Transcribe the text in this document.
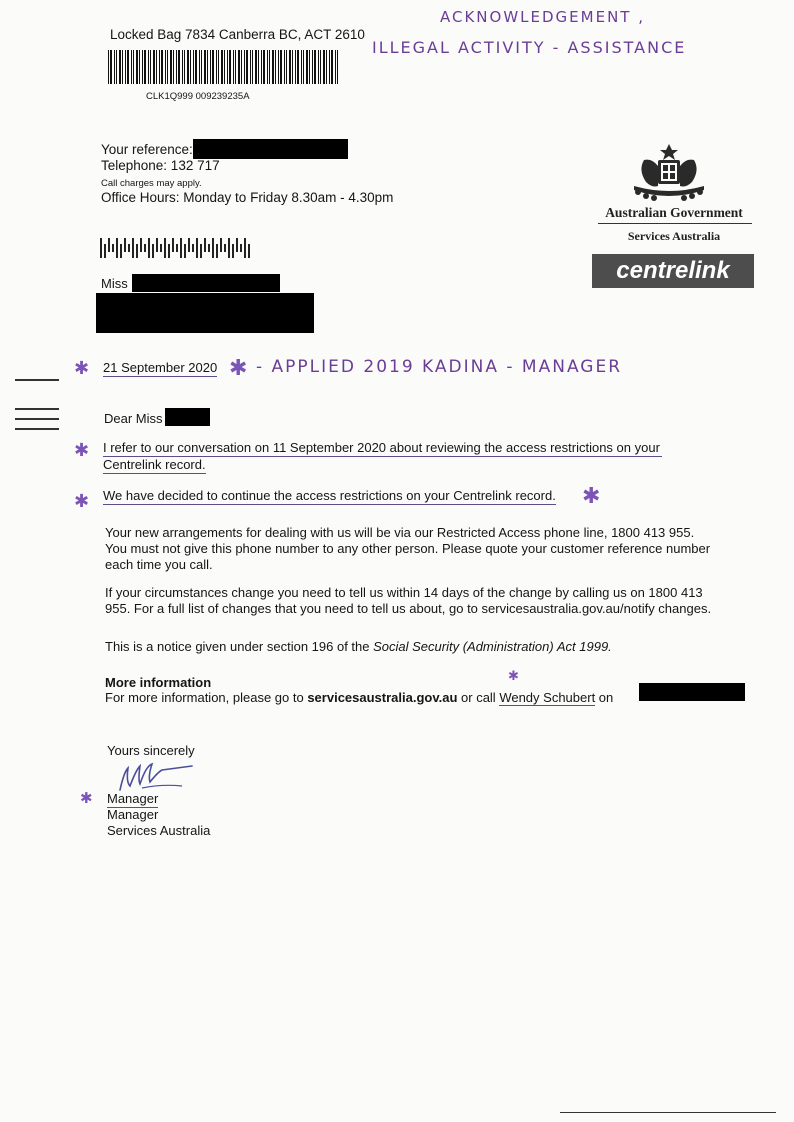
Locked Bag 7834 Canberra BC, ACT 2610
CLK1Q999 009239235A
ACKNOWLEDGEMENT ,
ILLEGAL ACTIVITY - ASSISTANCE
Your reference:
Telephone: 132 717
Call charges may apply.
Office Hours: Monday to Friday 8.30am - 4.30pm
Australian Government
Services Australia
centrelink
Miss
✱ 21 September 2020 ✱ - APPLIED 2019 KADINA - MANAGER
Dear Miss
✱ I refer to our conversation on 11 September 2020 about reviewing the access restrictions on your
Centrelink record.
✱ We have decided to continue the access restrictions on your Centrelink record. ✱
Your new arrangements for dealing with us will be via our Restricted Access phone line, 1800 413 955.
You must not give this phone number to any other person. Please quote your customer reference number
each time you call.
If your circumstances change you need to tell us within 14 days of the change by calling us on 1800 413
955. For a full list of changes that you need to tell us about, go to servicesaustralia.gov.au/notify changes.
This is a notice given under section 196 of the Social Security (Administration) Act 1999.
More information	✱
For more information, please go to servicesaustralia.gov.au or call Wendy Schubert on
Yours sincerely
✱ Manager
Manager
Services Australia
